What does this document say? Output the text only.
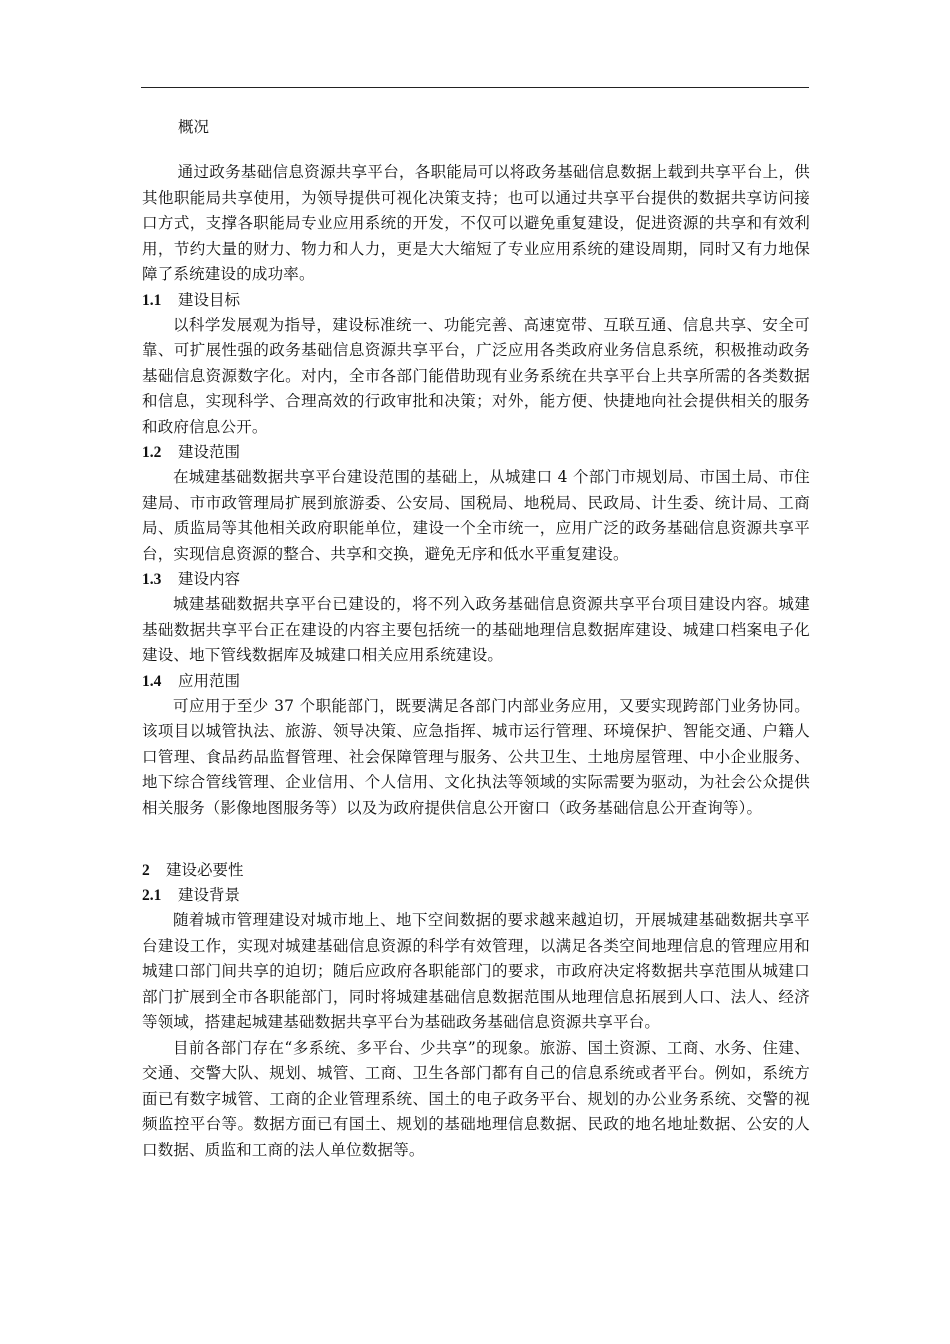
概况

通过政务基础信息资源共享平台，各职能局可以将政务基础信息数据上载到共享平台上，供其他职能局共享使用，为领导提供可视化决策支持；也可以通过共享平台提供的数据共享访问接口方式，支撑各职能局专业应用系统的开发，不仅可以避免重复建设，促进资源的共享和有效利用，节约大量的财力、物力和人力，更是大大缩短了专业应用系统的建设周期，同时又有力地保障了系统建设的成功率。

1.1 建设目标

以科学发展观为指导，建设标准统一、功能完善、高速宽带、互联互通、信息共享、安全可靠、可扩展性强的政务基础信息资源共享平台，广泛应用各类政府业务信息系统，积极推动政务基础信息资源数字化。对内，全市各部门能借助现有业务系统在共享平台上共享所需的各类数据和信息，实现科学、合理高效的行政审批和决策；对外，能方便、快捷地向社会提供相关的服务和政府信息公开。

1.2 建设范围

在城建基础数据共享平台建设范围的基础上，从城建口 4 个部门市规划局、市国土局、市住建局、市市政管理局扩展到旅游委、公安局、国税局、地税局、民政局、计生委、统计局、工商局、质监局等其他相关政府职能单位，建设一个全市统一，应用广泛的政务基础信息资源共享平台，实现信息资源的整合、共享和交换，避免无序和低水平重复建设。

1.3 建设内容

城建基础数据共享平台已建设的，将不列入政务基础信息资源共享平台项目建设内容。城建基础数据共享平台正在建设的内容主要包括统一的基础地理信息数据库建设、城建口档案电子化建设、地下管线数据库及城建口相关应用系统建设。

1.4 应用范围

可应用于至少 37 个职能部门，既要满足各部门内部业务应用，又要实现跨部门业务协同。该项目以城管执法、旅游、领导决策、应急指挥、城市运行管理、环境保护、智能交通、户籍人口管理、食品药品监督管理、社会保障管理与服务、公共卫生、土地房屋管理、中小企业服务、地下综合管线管理、企业信用、个人信用、文化执法等领域的实际需要为驱动，为社会公众提供相关服务（影像地图服务等）以及为政府提供信息公开窗口（政务基础信息公开查询等）。

2 建设必要性
2.1 建设背景

随着城市管理建设对城市地上、地下空间数据的要求越来越迫切，开展城建基础数据共享平台建设工作，实现对城建基础信息资源的科学有效管理，以满足各类空间地理信息的管理应用和城建口部门间共享的迫切；随后应政府各职能部门的要求，市政府决定将数据共享范围从城建口部门扩展到全市各职能部门，同时将城建基础信息数据范围从地理信息拓展到人口、法人、经济等领域，搭建起城建基础数据共享平台为基础政务基础信息资源共享平台。

目前各部门存在“多系统、多平台、少共享”的现象。旅游、国土资源、工商、水务、住建、交通、交警大队、规划、城管、工商、卫生各部门都有自己的信息系统或者平台。例如，系统方面已有数字城管、工商的企业管理系统、国土的电子政务平台、规划的办公业务系统、交警的视频监控平台等。数据方面已有国土、规划的基础地理信息数据、民政的地名地址数据、公安的人口数据、质监和工商的法人单位数据等。
